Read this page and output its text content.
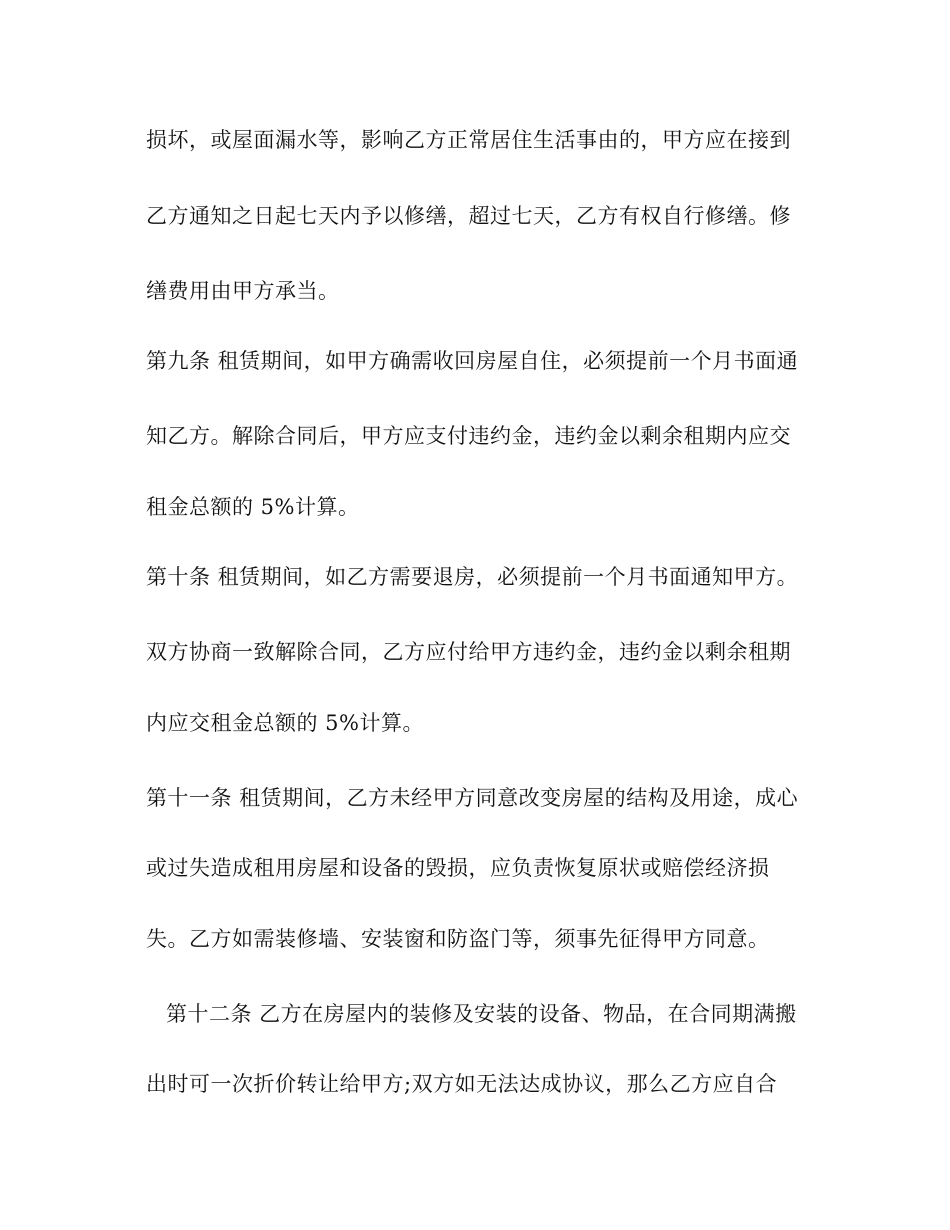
损坏，或屋面漏水等，影响乙方正常居住生活事由的，甲方应在接到
乙方通知之日起七天内予以修缮，超过七天，乙方有权自行修缮。修
缮费用由甲方承当。
第九条 租赁期间，如甲方确需收回房屋自住，必须提前一个月书面通
知乙方。解除合同后，甲方应支付违约金，违约金以剩余租期内应交
租金总额的 5%计算。
第十条 租赁期间，如乙方需要退房，必须提前一个月书面通知甲方。
双方协商一致解除合同，乙方应付给甲方违约金，违约金以剩余租期
内应交租金总额的 5%计算。
第十一条 租赁期间，乙方未经甲方同意改变房屋的结构及用途，成心
或过失造成租用房屋和设备的毁损，应负责恢复原状或赔偿经济损
失。乙方如需装修墙、安装窗和防盗门等，须事先征得甲方同意。
第十二条 乙方在房屋内的装修及安装的设备、物品，在合同期满搬
出时可一次折价转让给甲方;双方如无法达成协议，那么乙方应自合
